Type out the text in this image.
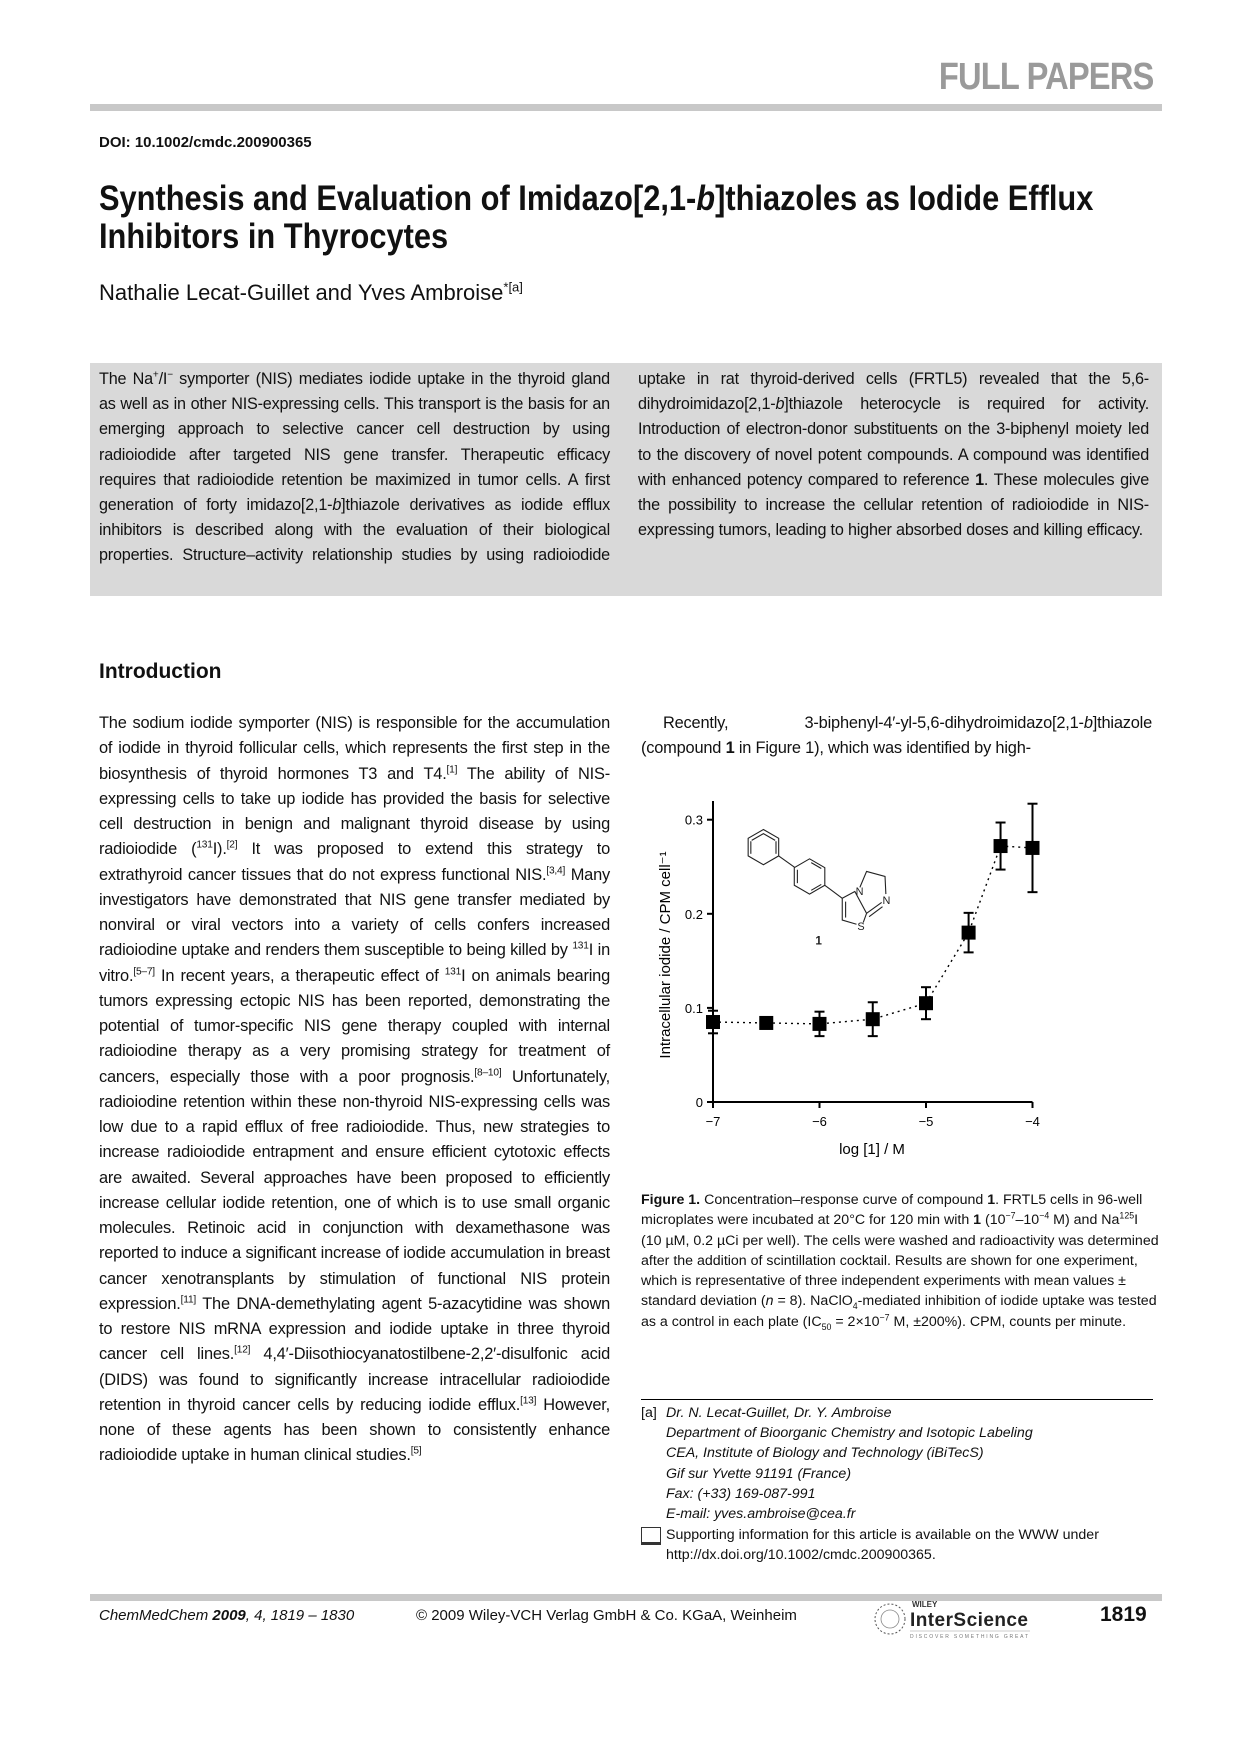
FULL PAPERS
DOI: 10.1002/cmdc.200900365
Synthesis and Evaluation of Imidazo[2,1-b]thiazoles as Iodide Efflux Inhibitors in Thyrocytes
Nathalie Lecat-Guillet and Yves Ambroise$^{*[a]}$
The Na+/I− symporter (NIS) mediates iodide uptake in the thyroid gland as well as in other NIS-expressing cells. This transport is the basis for an emerging approach to selective cancer cell destruction by using radioiodide after targeted NIS gene transfer. Therapeutic efficacy requires that radioiodide retention be maximized in tumor cells. A first generation of forty imidazo[2,1-b]thiazole derivatives as iodide efflux inhibitors is described along with the evaluation of their biological properties. Structure–activity relationship studies by using radioiodide uptake in rat thyroid-derived cells (FRTL5) revealed that the 5,6-dihydroimidazo[2,1-b]thiazole heterocycle is required for activity. Introduction of electron-donor substituents on the 3-biphenyl moiety led to the discovery of novel potent compounds. A compound was identified with enhanced potency compared to reference 1. These molecules give the possibility to increase the cellular retention of radioiodide in NIS-expressing tumors, leading to higher absorbed doses and killing efficacy.
Introduction
The sodium iodide symporter (NIS) is responsible for the accumulation of iodide in thyroid follicular cells, which represents the first step in the biosynthesis of thyroid hormones T3 and T4.[1] The ability of NIS-expressing cells to take up iodide has provided the basis for selective cell destruction in benign and malignant thyroid disease by using radioiodide ($^{131}$I).[2] It was proposed to extend this strategy to extrathyroid cancer tissues that do not express functional NIS.[3,4] Many investigators have demonstrated that NIS gene transfer mediated by nonviral or viral vectors into a variety of cells confers increased radioiodine uptake and renders them susceptible to being killed by $^{131}$I in vitro.[5–7] In recent years, a therapeutic effect of $^{131}$I on animals bearing tumors expressing ectopic NIS has been reported, demonstrating the potential of tumor-specific NIS gene therapy coupled with internal radioiodine therapy as a very promising strategy for treatment of cancers, especially those with a poor prognosis.[8–10] Unfortunately, radioiodine retention within these non-thyroid NIS-expressing cells was low due to a rapid efflux of free radioiodide. Thus, new strategies to increase radioiodide entrapment and ensure efficient cytotoxic effects are awaited. Several approaches have been proposed to efficiently increase cellular iodide retention, one of which is to use small organic molecules. Retinoic acid in conjunction with dexamethasone was reported to induce a significant increase of iodide accumulation in breast cancer xenotransplants by stimulation of functional NIS protein expression.[11] The DNA-demethylating agent 5-azacytidine was shown to restore NIS mRNA expression and iodide uptake in three thyroid cancer cell lines.[12] 4,4′-Diisothiocyanatostilbene-2,2′-disulfonic acid (DIDS) was found to significantly increase intracellular radioiodide retention in thyroid cancer cells by reducing iodide efflux.[13] However, none of these agents has been shown to consistently enhance radioiodide uptake in human clinical studies.[5]
Recently, 3-biphenyl-4′-yl-5,6-dihydroimidazo[2,1-b]thiazole (compound 1 in Figure 1), which was identified by high-
N
N
S
1
0
0.1
0.2
0.3
−7	−6	−5	−4
log [1] / M
Intracellular iodide / CPM cell⁻¹
Figure 1. Concentration–response curve of compound 1. FRTL5 cells in 96-well microplates were incubated at 20°C for 120 min with 1 ($10^{-7}-10^{-4}$ M) and Na$^{125}$I (10 µM, 0.2 µCi per well). The cells were washed and radioactivity was determined after the addition of scintillation cocktail. Results are shown for one experiment, which is representative of three independent experiments with mean values ± standard deviation (n = 8). NaClO$_4$-mediated inhibition of iodide uptake was tested as a control in each plate ($IC_{50} = 2\times 10^{-7}$ M, ±200%). CPM, counts per minute.
[a] Dr. N. Lecat-Guillet, Dr. Y. Ambroise
Department of Bioorganic Chemistry and Isotopic Labeling
CEA, Institute of Biology and Technology (iBiTecS)
Gif sur Yvette 91191 (France)
Fax: (+33) 169-087-991
E-mail: yves.ambroise@cea.fr
Supporting information for this article is available on the WWW under http://dx.doi.org/10.1002/cmdc.200900365.
ChemMedChem 2009, 4, 1819 – 1830	© 2009 Wiley-VCH Verlag GmbH & Co. KGaA, Weinheim
WILEY
InterScience
DISCOVER SOMETHING GREAT
1819
